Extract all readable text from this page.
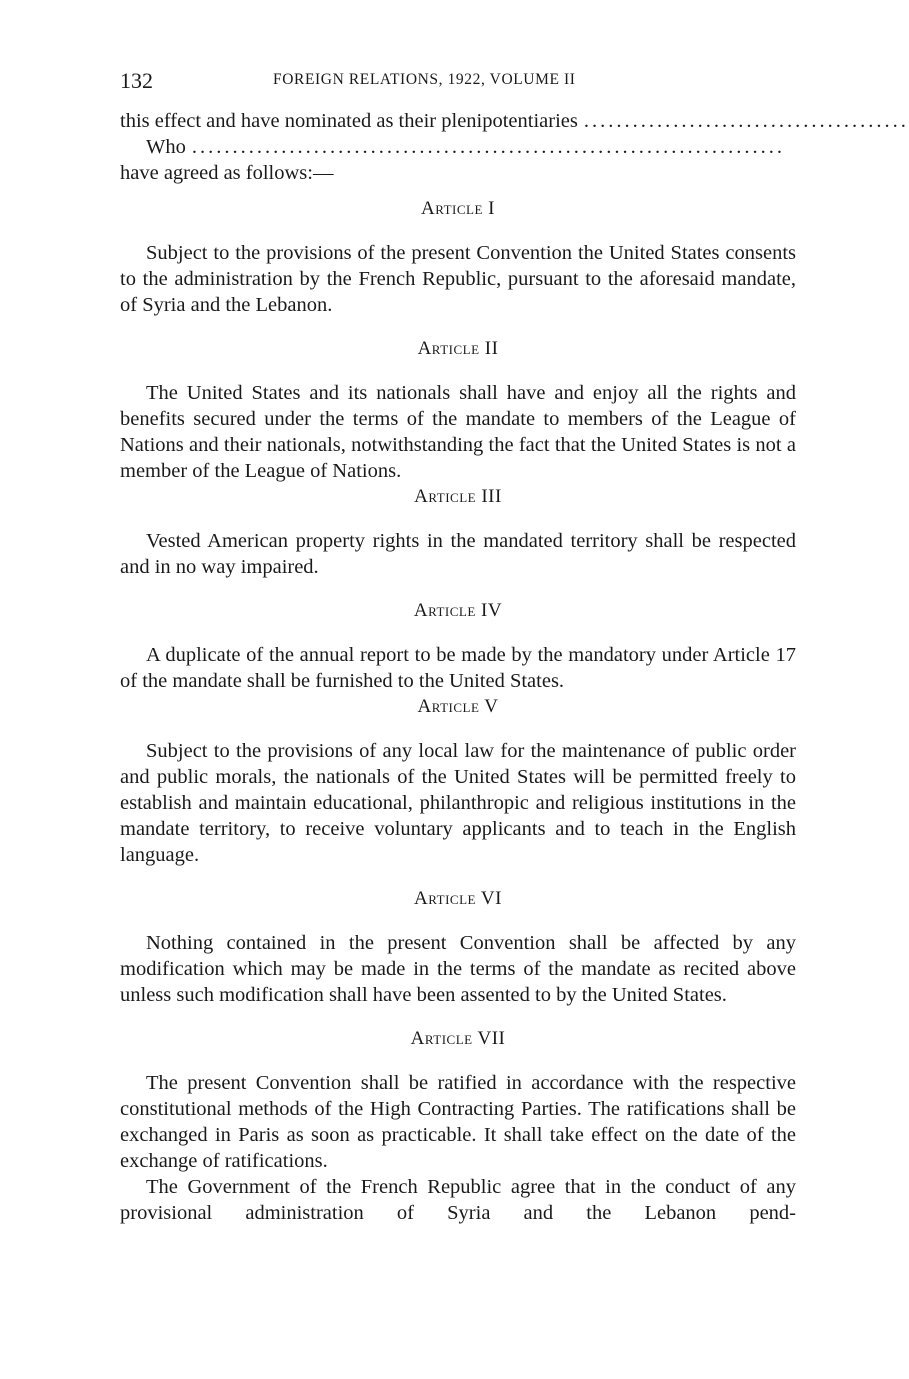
132	FOREIGN RELATIONS, 1922, VOLUME II
this effect and have nominated as their plenipotentiaries ........................................
Who .........................................................................
have agreed as follows:—
Article I

Subject to the provisions of the present Convention the United States consents to the administration by the French Republic, pursuant to the aforesaid mandate, of Syria and the Lebanon.

Article II

The United States and its nationals shall have and enjoy all the rights and benefits secured under the terms of the mandate to members of the League of Nations and their nationals, notwithstanding the fact that the United States is not a member of the League of Nations.

Article III

Vested American property rights in the mandated territory shall be respected and in no way impaired.

Article IV

A duplicate of the annual report to be made by the mandatory under Article 17 of the mandate shall be furnished to the United States.

Article V

Subject to the provisions of any local law for the maintenance of public order and public morals, the nationals of the United States will be permitted freely to establish and maintain educational, philanthropic and religious institutions in the mandate territory, to receive voluntary applicants and to teach in the English language.

Article VI

Nothing contained in the present Convention shall be affected by any modification which may be made in the terms of the mandate as recited above unless such modification shall have been assented to by the United States.

Article VII

The present Convention shall be ratified in accordance with the respective constitutional methods of the High Contracting Parties. The ratifications shall be exchanged in Paris as soon as practicable. It shall take effect on the date of the exchange of ratifications.

The Government of the French Republic agree that in the conduct of any provisional administration of Syria and the Lebanon pend-
